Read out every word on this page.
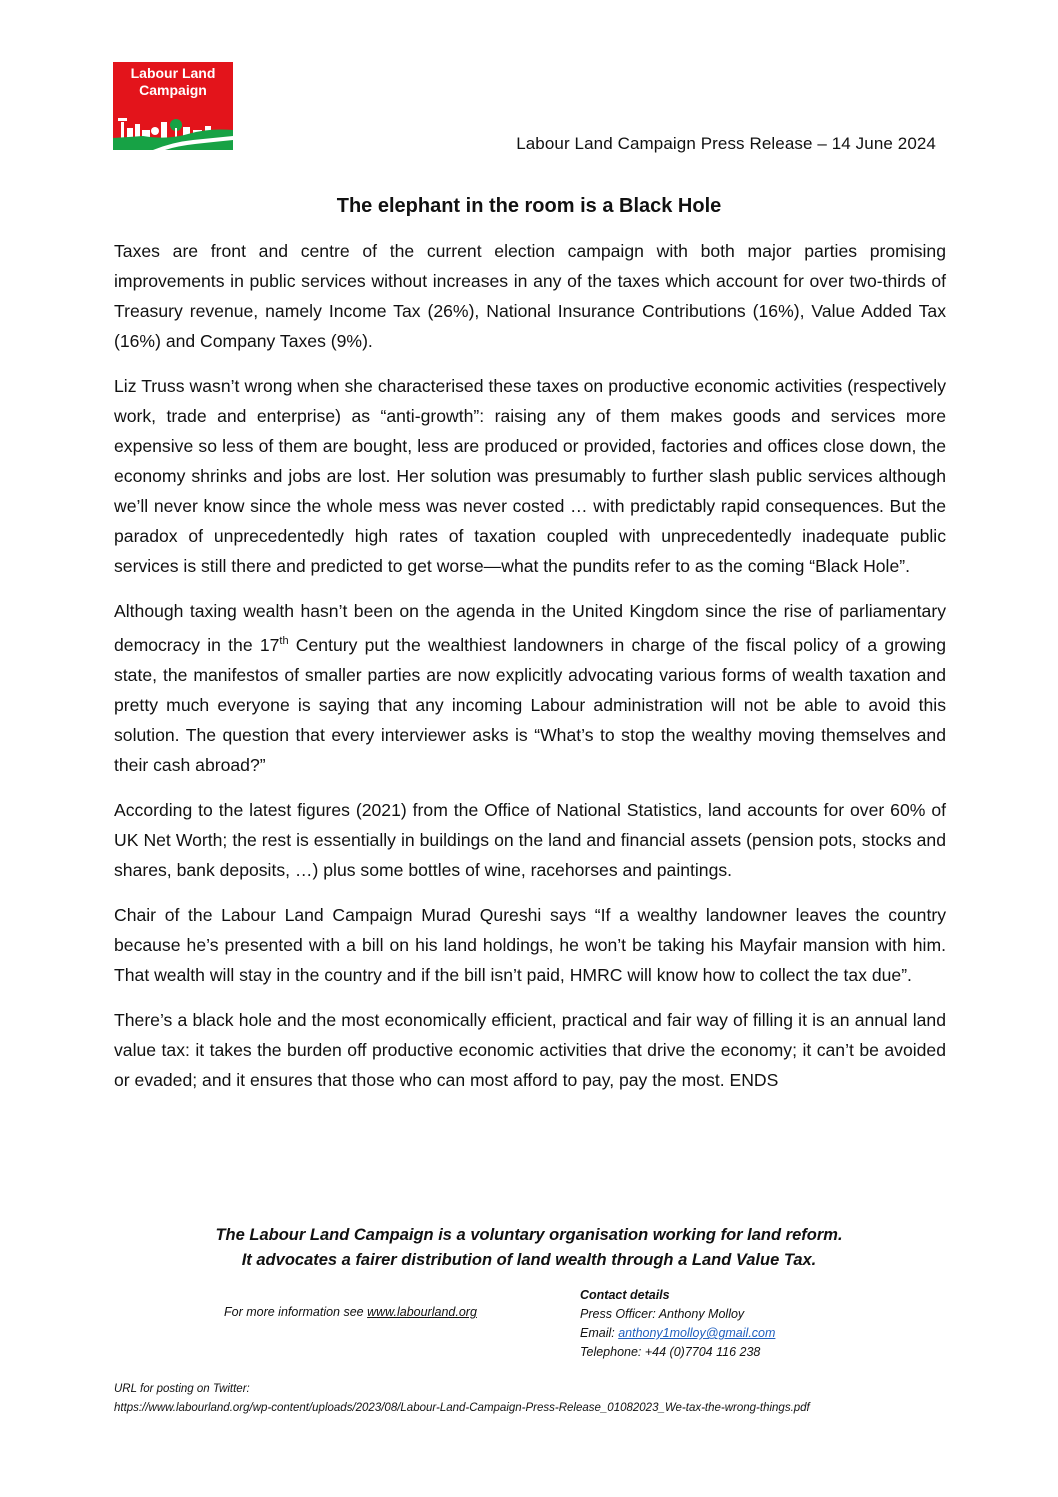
Labour Land
Campaign
Labour Land Campaign Press Release – 14 June 2024
The elephant in the room is a Black Hole

Taxes are front and centre of the current election campaign with both major parties promising improvements in public services without increases in any of the taxes which account for over two-thirds of Treasury revenue, namely Income Tax (26%), National Insurance Contributions (16%), Value Added Tax (16%) and Company Taxes (9%).

Liz Truss wasn’t wrong when she characterised these taxes on productive economic activities (respectively work, trade and enterprise) as “anti-growth”: raising any of them makes goods and services more expensive so less of them are bought, less are produced or provided, factories and offices close down, the economy shrinks and jobs are lost. Her solution was presumably to further slash public services although we’ll never know since the whole mess was never costed … with predictably rapid consequences. But the paradox of unprecedentedly high rates of taxation coupled with unprecedentedly inadequate public services is still there and predicted to get worse—what the pundits refer to as the coming “Black Hole”.

Although taxing wealth hasn’t been on the agenda in the United Kingdom since the rise of parliamentary democracy in the 17th Century put the wealthiest landowners in charge of the fiscal policy of a growing state, the manifestos of smaller parties are now explicitly advocating various forms of wealth taxation and pretty much everyone is saying that any incoming Labour administration will not be able to avoid this solution. The question that every interviewer asks is “What’s to stop the wealthy moving themselves and their cash abroad?”

According to the latest figures (2021) from the Office of National Statistics, land accounts for over 60% of UK Net Worth; the rest is essentially in buildings on the land and financial assets (pension pots, stocks and shares, bank deposits, …) plus some bottles of wine, racehorses and paintings.

Chair of the Labour Land Campaign Murad Qureshi says “If a wealthy landowner leaves the country because he’s presented with a bill on his land holdings, he won’t be taking his Mayfair mansion with him. That wealth will stay in the country and if the bill isn’t paid, HMRC will know how to collect the tax due”.

There’s a black hole and the most economically efficient, practical and fair way of filling it is an annual land value tax: it takes the burden off productive economic activities that drive the economy; it can’t be avoided or evaded; and it ensures that those who can most afford to pay, pay the most. ENDS

The Labour Land Campaign is a voluntary organisation working for land reform.
It advocates a fairer distribution of land wealth through a Land Value Tax.
For more information see www.labourland.org
Contact details
Press Officer: Anthony Molloy
Email: anthony1molloy@gmail.com
Telephone: +44 (0)7704 116 238
URL for posting on Twitter:
https://www.labourland.org/wp-content/uploads/2023/08/Labour-Land-Campaign-Press-Release_01082023_We-tax-the-wrong-things.pdf
